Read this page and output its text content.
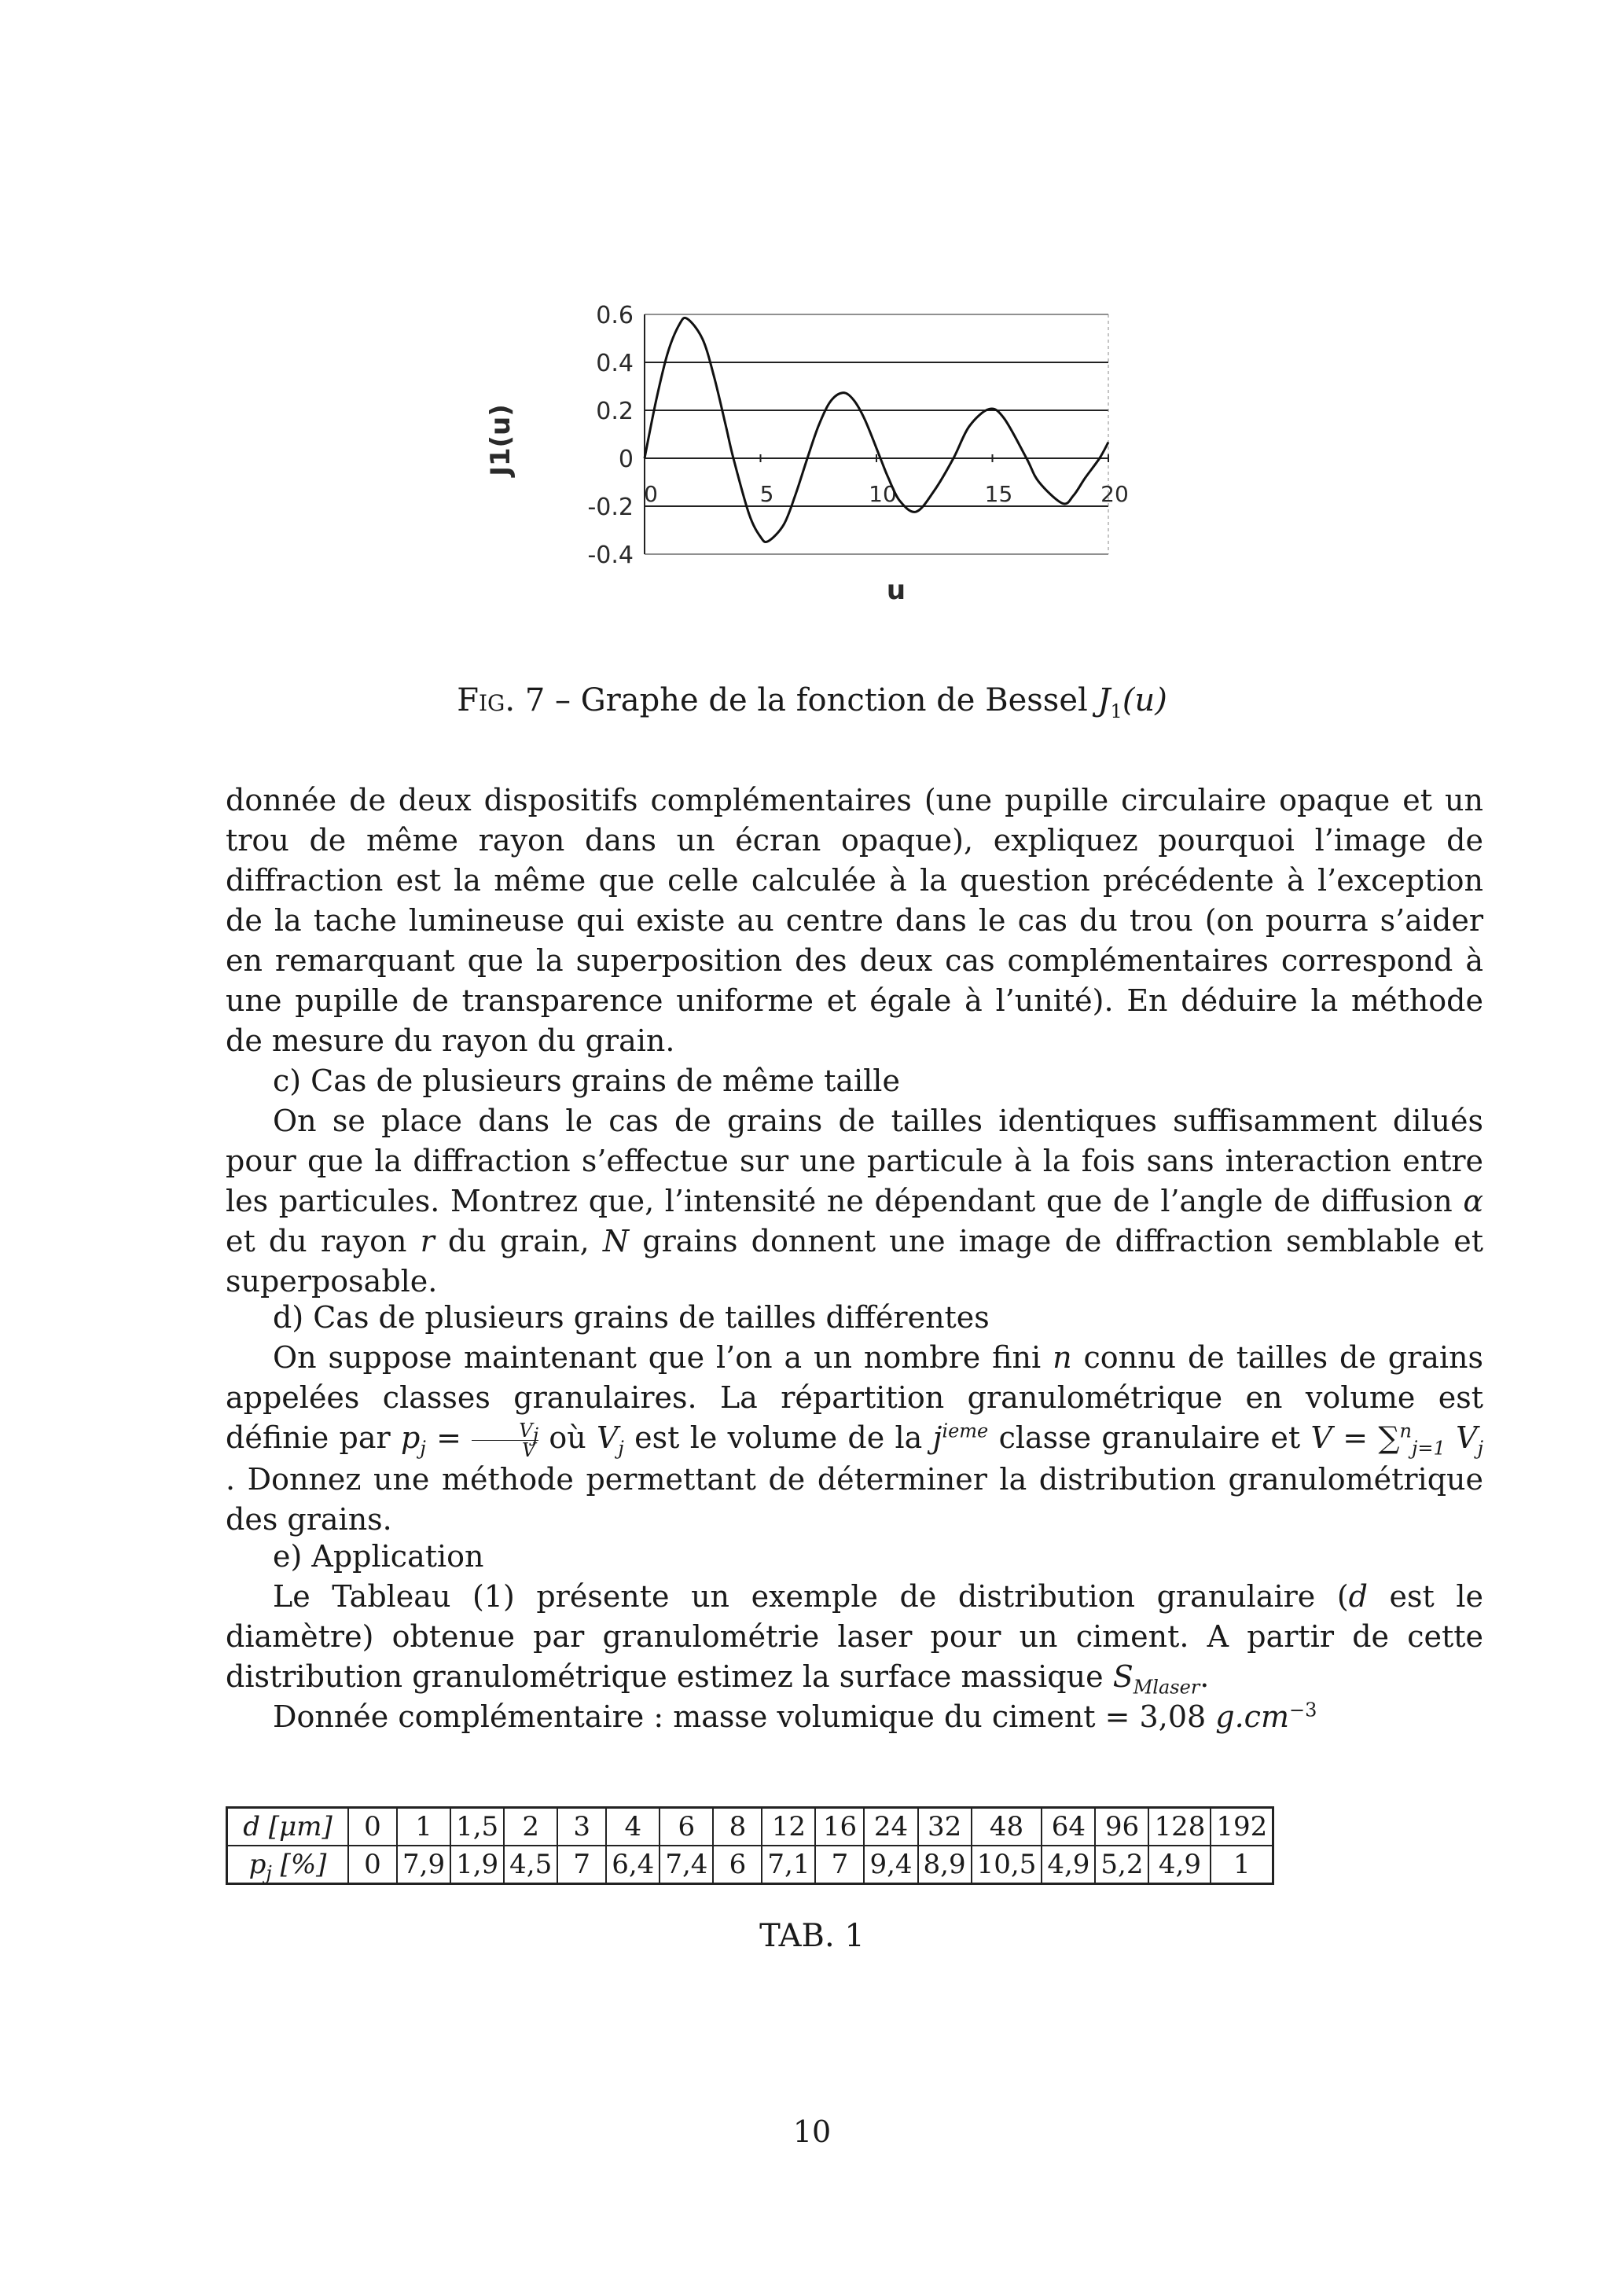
-0.4
-0.2
0
0.2
0.4
0.6
0	5	10	15	20
J1(u)
u
Fig. 7 – Graphe de la fonction de Bessel $J_1(u)$

donnée de deux dispositifs complémentaires (une pupille circulaire opaque et un trou de même rayon dans un écran opaque), expliquez pourquoi l’image de diffraction est la même que celle calculée à la question précédente à l’exception de la tache lumineuse qui existe au centre dans le cas du trou (on pourra s’aider en remarquant que la superposition des deux cas complémentaires correspond à une pupille de transparence uniforme et égale à l’unité). En déduire la méthode de mesure du rayon du grain.

c) Cas de plusieurs grains de même taille

On se place dans le cas de grains de tailles identiques suffisamment dilués pour que la diffraction s’effectue sur une particule à la fois sans interaction entre les particules. Montrez que, l’intensité ne dépendant que de l’angle de diffusion α et du rayon r du grain, N grains donnent une image de diffraction semblable et superposable.

d) Cas de plusieurs grains de tailles différentes

On suppose maintenant que l’on a un nombre fini n connu de tailles de grains appelées classes granulaires. La répartition granulométrique en volume est définie par $p_j = \frac{V_j}{V}$ où $V_j$ est le volume de la $j^{ieme}$ classe granulaire et V = ∑$^n_{j=1}$ $V_j$ . Donnez une méthode permettant de déterminer la distribution granulométrique des grains.

e) Application

Le Tableau (1) présente un exemple de distribution granulaire (d est le diamètre) obtenue par granulométrie laser pour un ciment. A partir de cette distribution granulométrique estimez la surface massique $S_{Mlaser}$.

Donnée complémentaire : masse volumique du ciment = 3,08 $g.cm^{-3}$

d [μm]	0	1	1,5	2	3	4	6	8	12	16	24	32	48	64	96	128	192
$p_j$ [%]	0	7,9	1,9	4,5	7	6,4	7,4	6	7,1	7	9,4	8,9	10,5	4,9	5,2	4,9	1
TAB. 1
10
